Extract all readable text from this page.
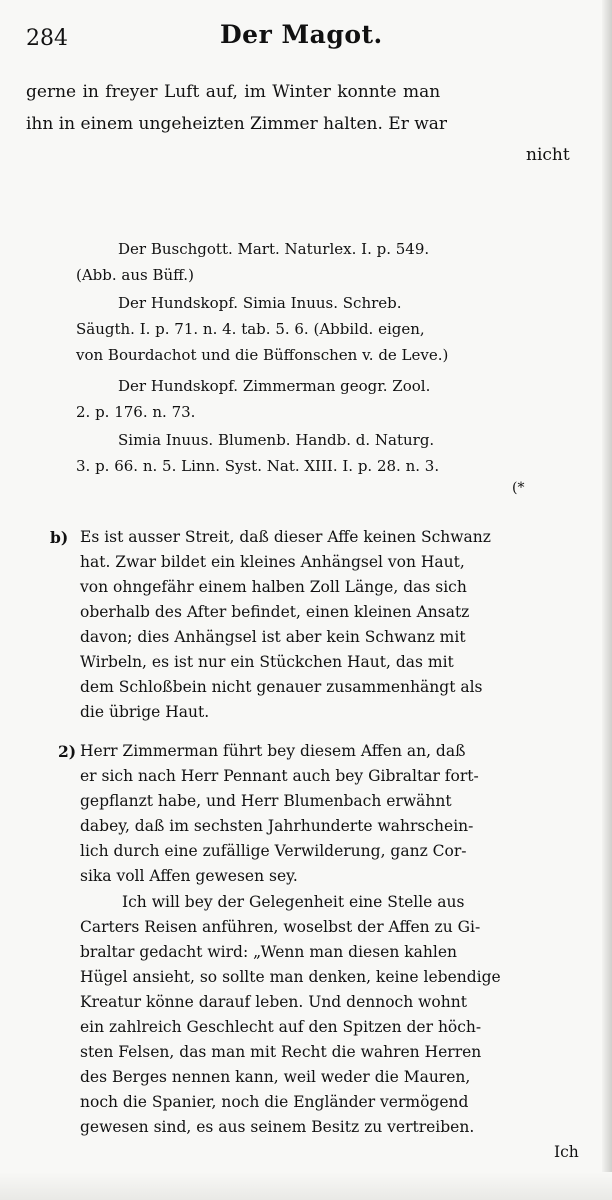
284	Der Magot.
gerne in freyer Luft auf, im Winter konnte man
ihn in einem ungeheizten Zimmer halten. Er war
nicht
Der Buschgott. Mart. Naturlex. I. p. 549.
(Abb. aus Büff.)
Der Hundskopf. Simia Inuus. Schreb.
Säugth. I. p. 71. n. 4. tab. 5. 6. (Abbild. eigen,
von Bourdachot und die Büffonschen v. de Leve.)
Der Hundskopf. Zimmerman geogr. Zool.
2. p. 176. n. 73.
Simia Inuus. Blumenb. Handb. d. Naturg.
3. p. 66. n. 5. Linn. Syst. Nat. XIII. I. p. 28. n. 3.
(*
b) Es ist ausser Streit, daß dieser Affe keinen Schwanz
hat. Zwar bildet ein kleines Anhängsel von Haut,
von ohngefähr einem halben Zoll Länge, das sich
oberhalb des After befindet, einen kleinen Ansatz
davon; dies Anhängsel ist aber kein Schwanz mit
Wirbeln, es ist nur ein Stückchen Haut, das mit
dem Schloßbein nicht genauer zusammenhängt als
die übrige Haut.
2) Herr Zimmerman führt bey diesem Affen an, daß
er sich nach Herr Pennant auch bey Gibraltar fort-
gepflanzt habe, und Herr Blumenbach erwähnt
dabey, daß im sechsten Jahrhunderte wahrschein-
lich durch eine zufällige Verwilderung, ganz Cor-
sika voll Affen gewesen sey.
Ich will bey der Gelegenheit eine Stelle aus
Carters Reisen anführen, woselbst der Affen zu Gi-
braltar gedacht wird: „Wenn man diesen kahlen
Hügel ansieht, so sollte man denken, keine lebendige
Kreatur könne darauf leben. Und dennoch wohnt
ein zahlreich Geschlecht auf den Spitzen der höch-
sten Felsen, das man mit Recht die wahren Herren
des Berges nennen kann, weil weder die Mauren,
noch die Spanier, noch die Engländer vermögend
gewesen sind, es aus seinem Besitz zu vertreiben.
Ich
